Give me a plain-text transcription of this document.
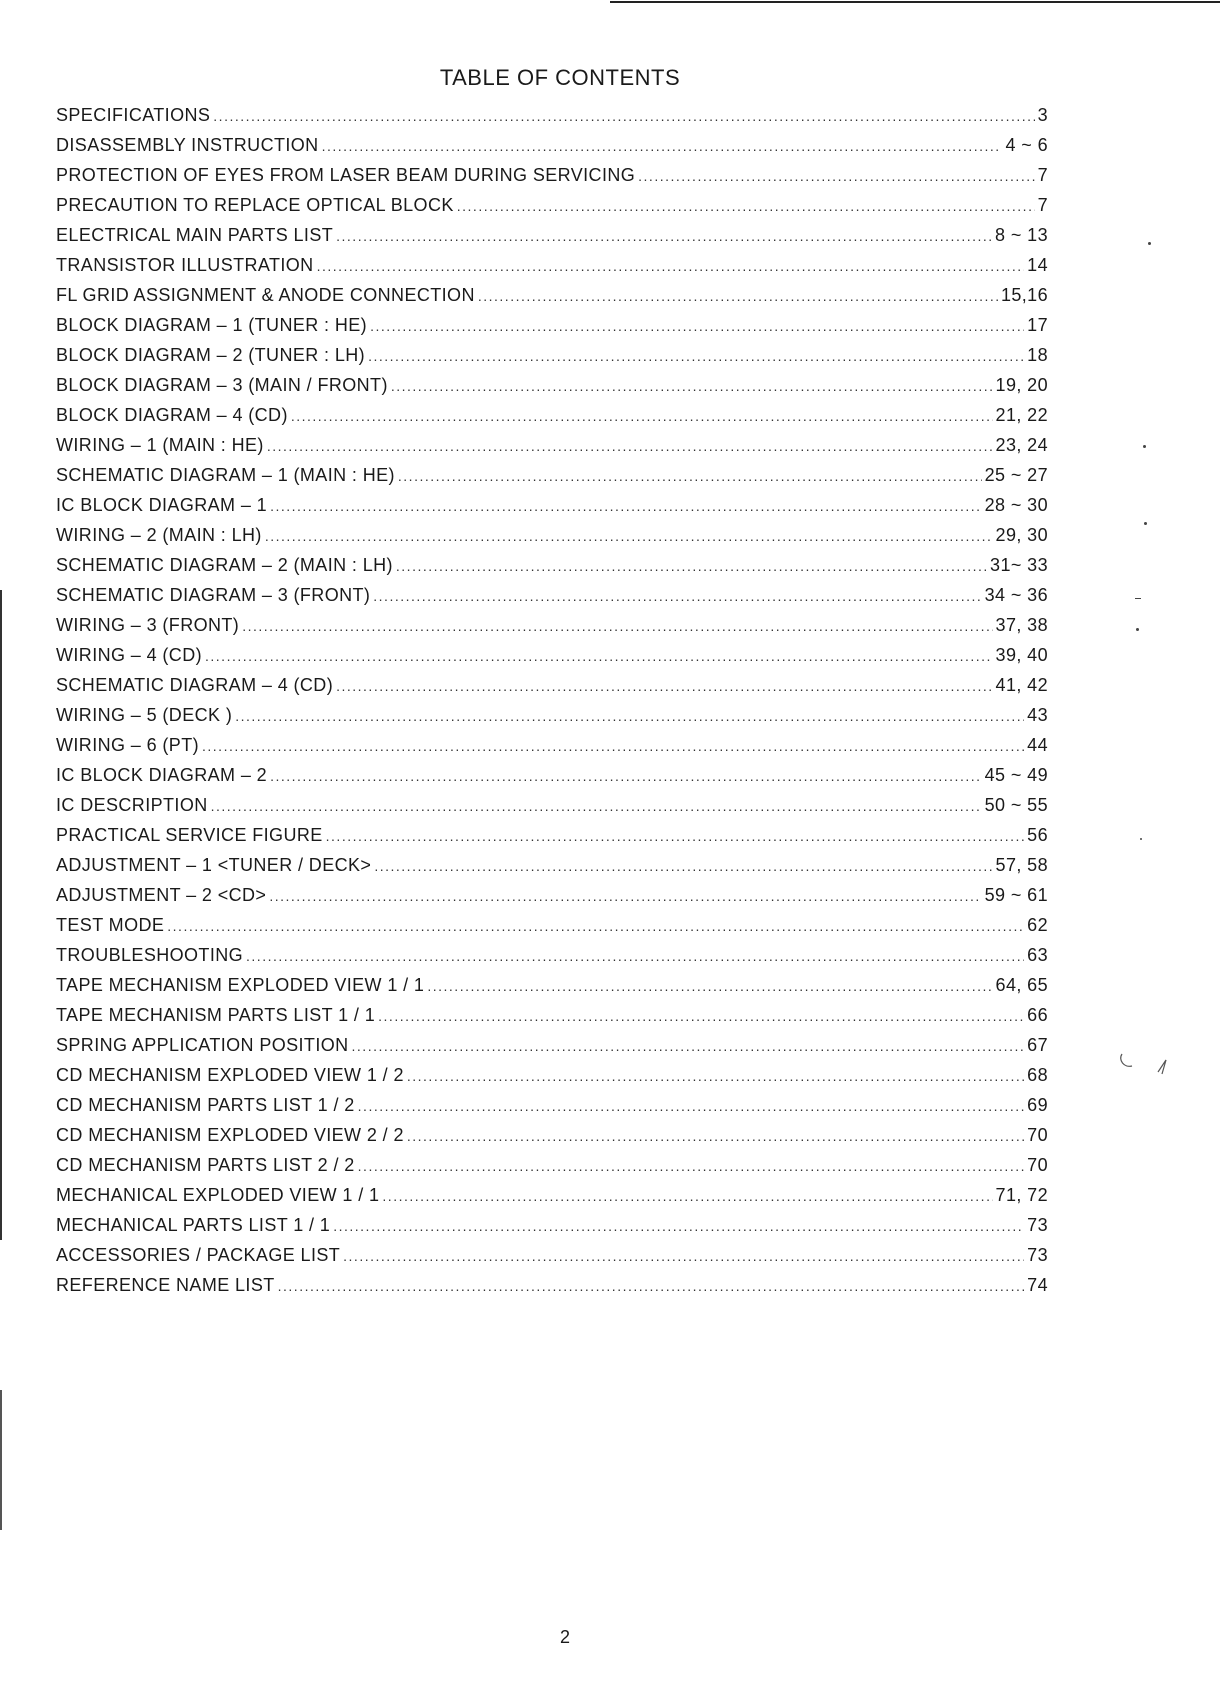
TABLE OF CONTENTS
SPECIFICATIONS .....	3
DISASSEMBLY INSTRUCTION .....	4 ~ 6
PROTECTION OF EYES FROM LASER BEAM DURING SERVICING .....	7
PRECAUTION TO REPLACE OPTICAL BLOCK .....	7
ELECTRICAL MAIN PARTS LIST .....	8 ~ 13
TRANSISTOR ILLUSTRATION .....	14
FL GRID ASSIGNMENT & ANODE CONNECTION .....	15,16
BLOCK DIAGRAM – 1 (TUNER : HE) .....	17
BLOCK DIAGRAM – 2 (TUNER : LH) .....	18
BLOCK DIAGRAM – 3 (MAIN / FRONT) .....	19, 20
BLOCK DIAGRAM – 4 (CD) .....	21, 22
WIRING – 1 (MAIN : HE) .....	23, 24
SCHEMATIC DIAGRAM – 1 (MAIN : HE) .....	25 ~ 27
IC BLOCK DIAGRAM – 1 .....	28 ~ 30
WIRING – 2 (MAIN : LH) .....	29, 30
SCHEMATIC DIAGRAM – 2 (MAIN : LH) .....	31~ 33
SCHEMATIC DIAGRAM – 3 (FRONT) .....	34 ~ 36
WIRING – 3 (FRONT) .....	37, 38
WIRING – 4 (CD) .....	39, 40
SCHEMATIC DIAGRAM – 4 (CD) .....	41, 42
WIRING – 5 (DECK ) .....	43
WIRING – 6 (PT) .....	44
IC BLOCK DIAGRAM – 2 .....	45 ~ 49
IC DESCRIPTION .....	50 ~ 55
PRACTICAL SERVICE FIGURE .....	56
ADJUSTMENT – 1 <TUNER / DECK> .....	57, 58
ADJUSTMENT – 2 <CD> .....	59 ~ 61
TEST MODE .....	62
TROUBLESHOOTING .....	63
TAPE MECHANISM EXPLODED VIEW 1 / 1 .....	64, 65
TAPE MECHANISM PARTS LIST 1 / 1 .....	66
SPRING APPLICATION POSITION .....	67
CD MECHANISM EXPLODED VIEW 1 / 2 .....	68
CD MECHANISM PARTS LIST 1 / 2 .....	69
CD MECHANISM EXPLODED VIEW 2 / 2 .....	70
CD MECHANISM PARTS LIST 2 / 2 .....	70
MECHANICAL EXPLODED VIEW 1 / 1 .....	71, 72
MECHANICAL PARTS LIST 1 / 1 .....	73
ACCESSORIES / PACKAGE LIST .....	73
REFERENCE NAME LIST .....	74
2
